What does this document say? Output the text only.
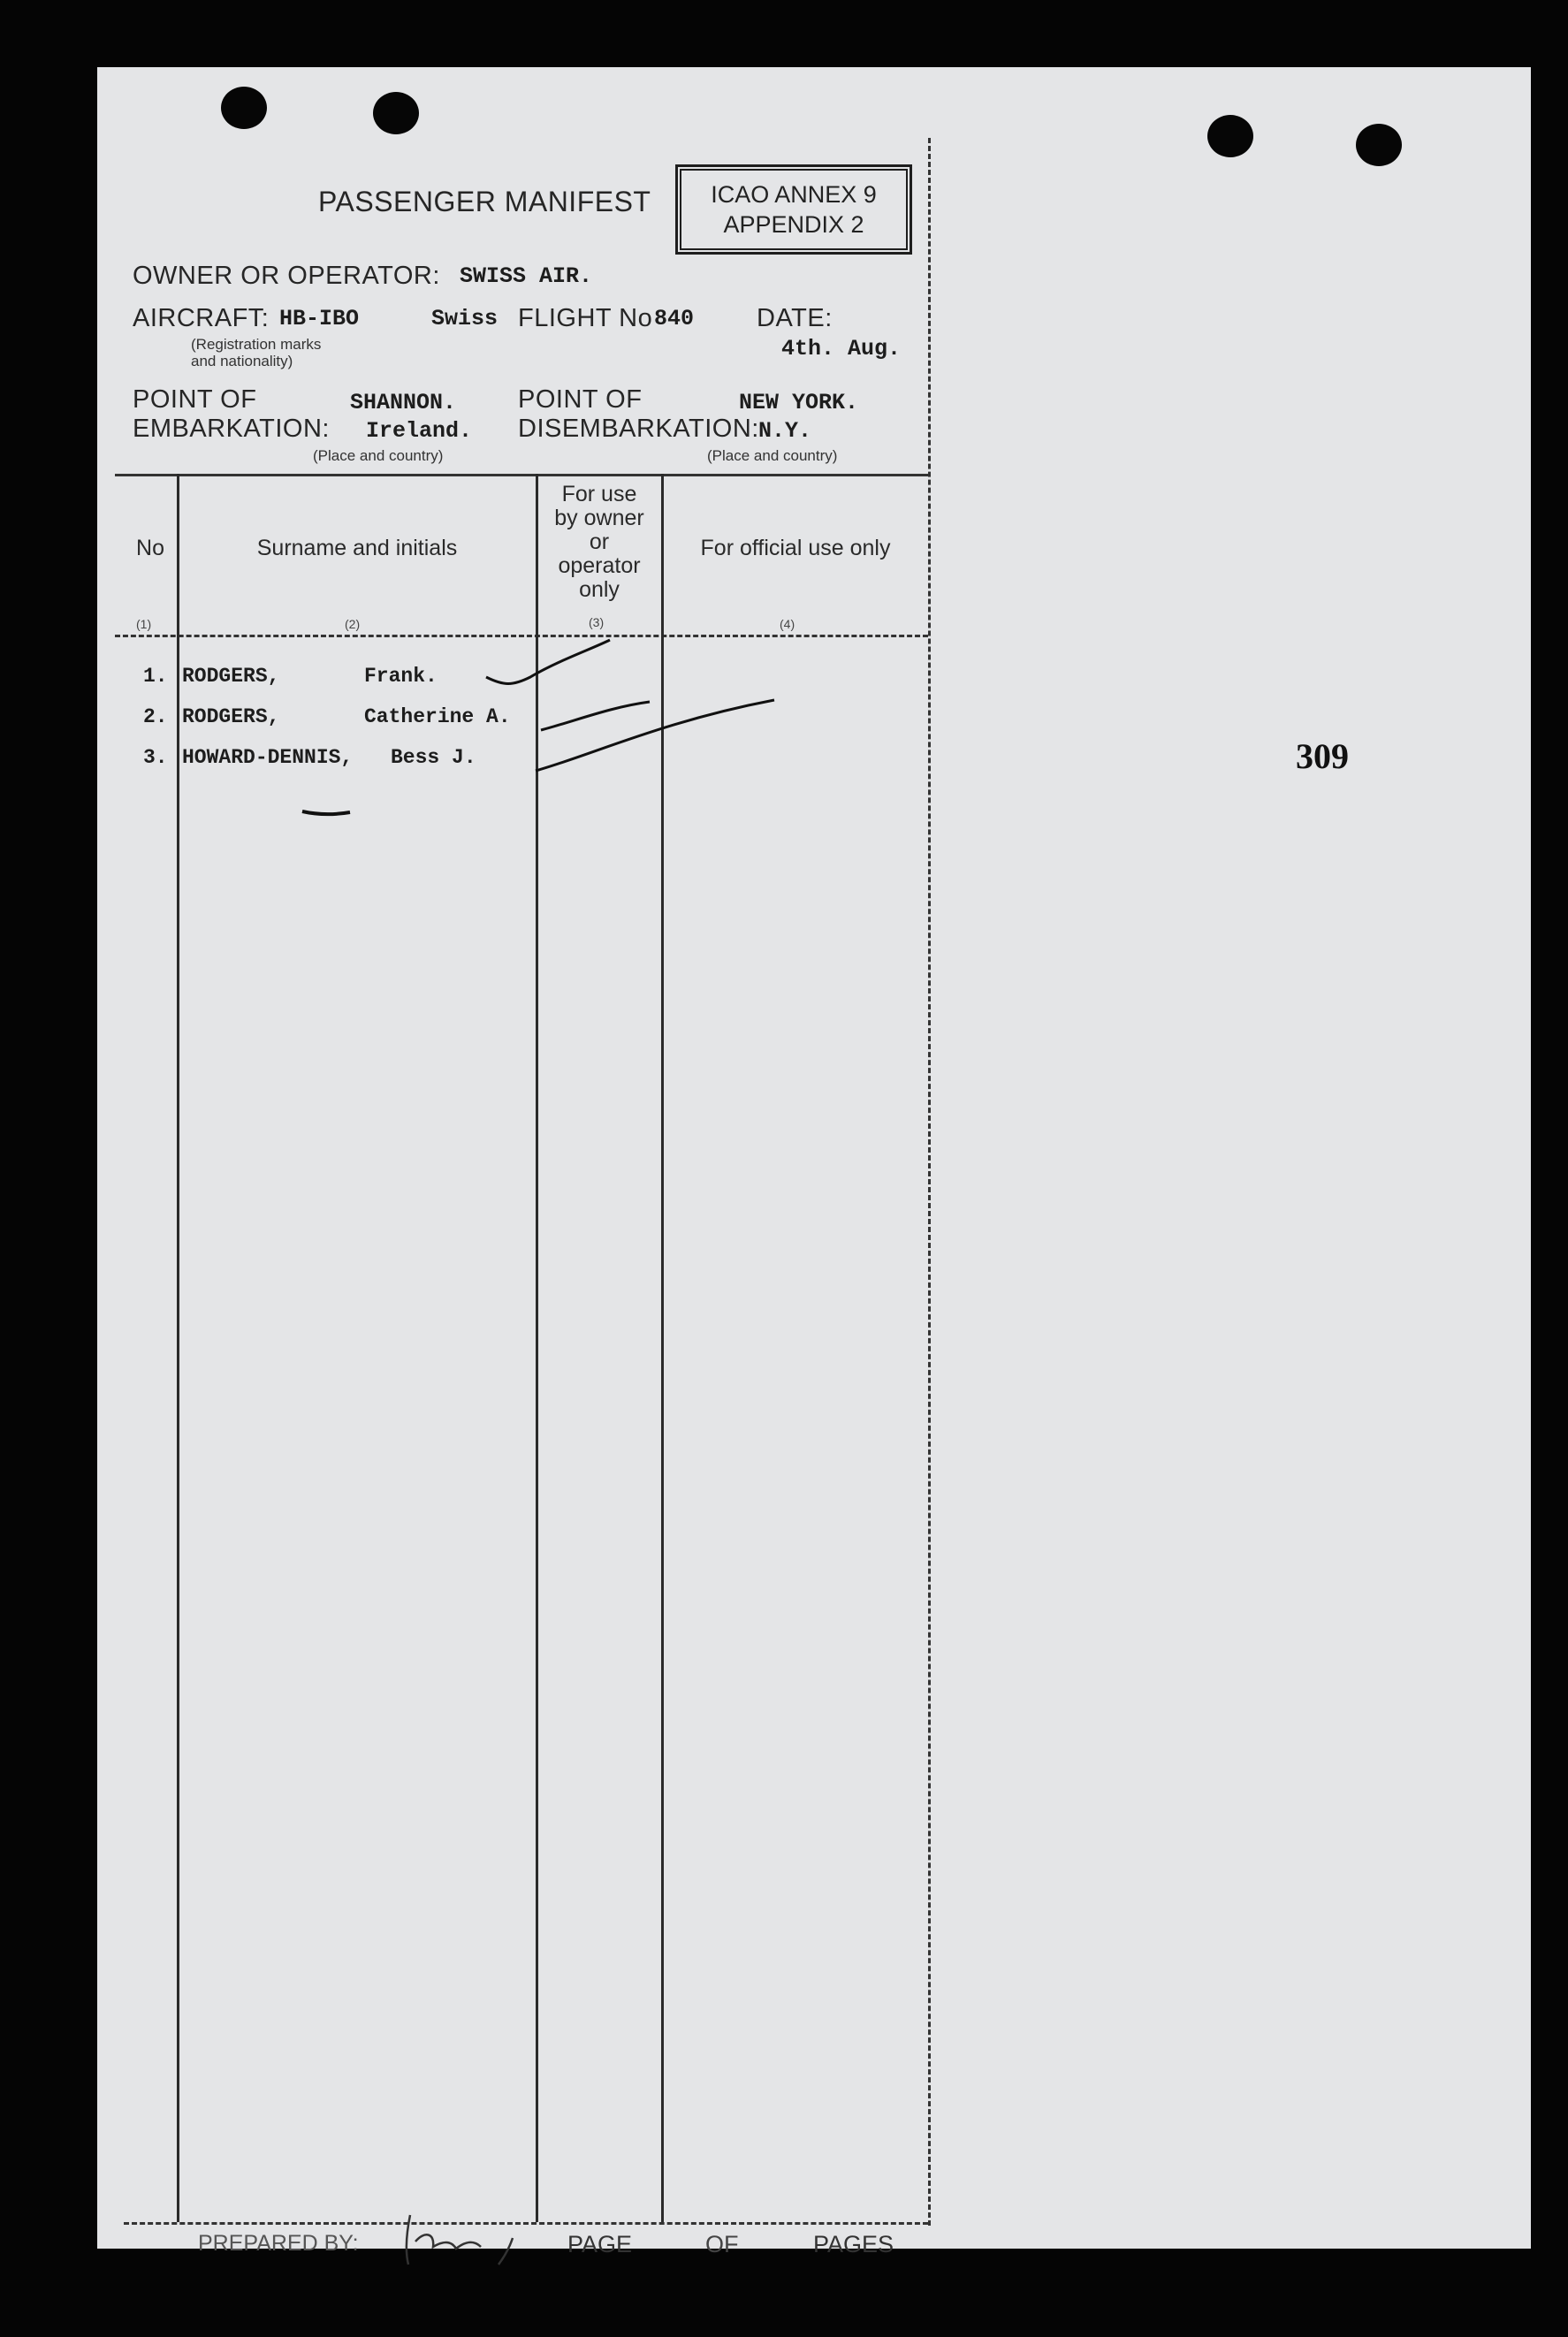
PASSENGER MANIFEST	ICAO ANNEX 9
APPENDIX 2
OWNER OR OPERATOR: SWISS AIR.
AIRCRAFT: HB-IBO	Swiss
(Registration marks
and nationality)
FLIGHT No 840 DATE:
4th. Aug.
POINT OF
EMBARKATION:
SHANNON.
Ireland.
(Place and country)
POINT OF
DISEMBARKATION:
NEW YORK.
N.Y.
(Place and country)
No	Surname and initials
For use
by owner
or
operator
only
For official use only
(1)	(2)	(3)	(4)
1. RODGERS,	Frank.
2. RODGERS,	Catherine A.
3. HOWARD-DENNIS, Bess J.
PREPARED BY:	PAGE	OF	PAGES
309
